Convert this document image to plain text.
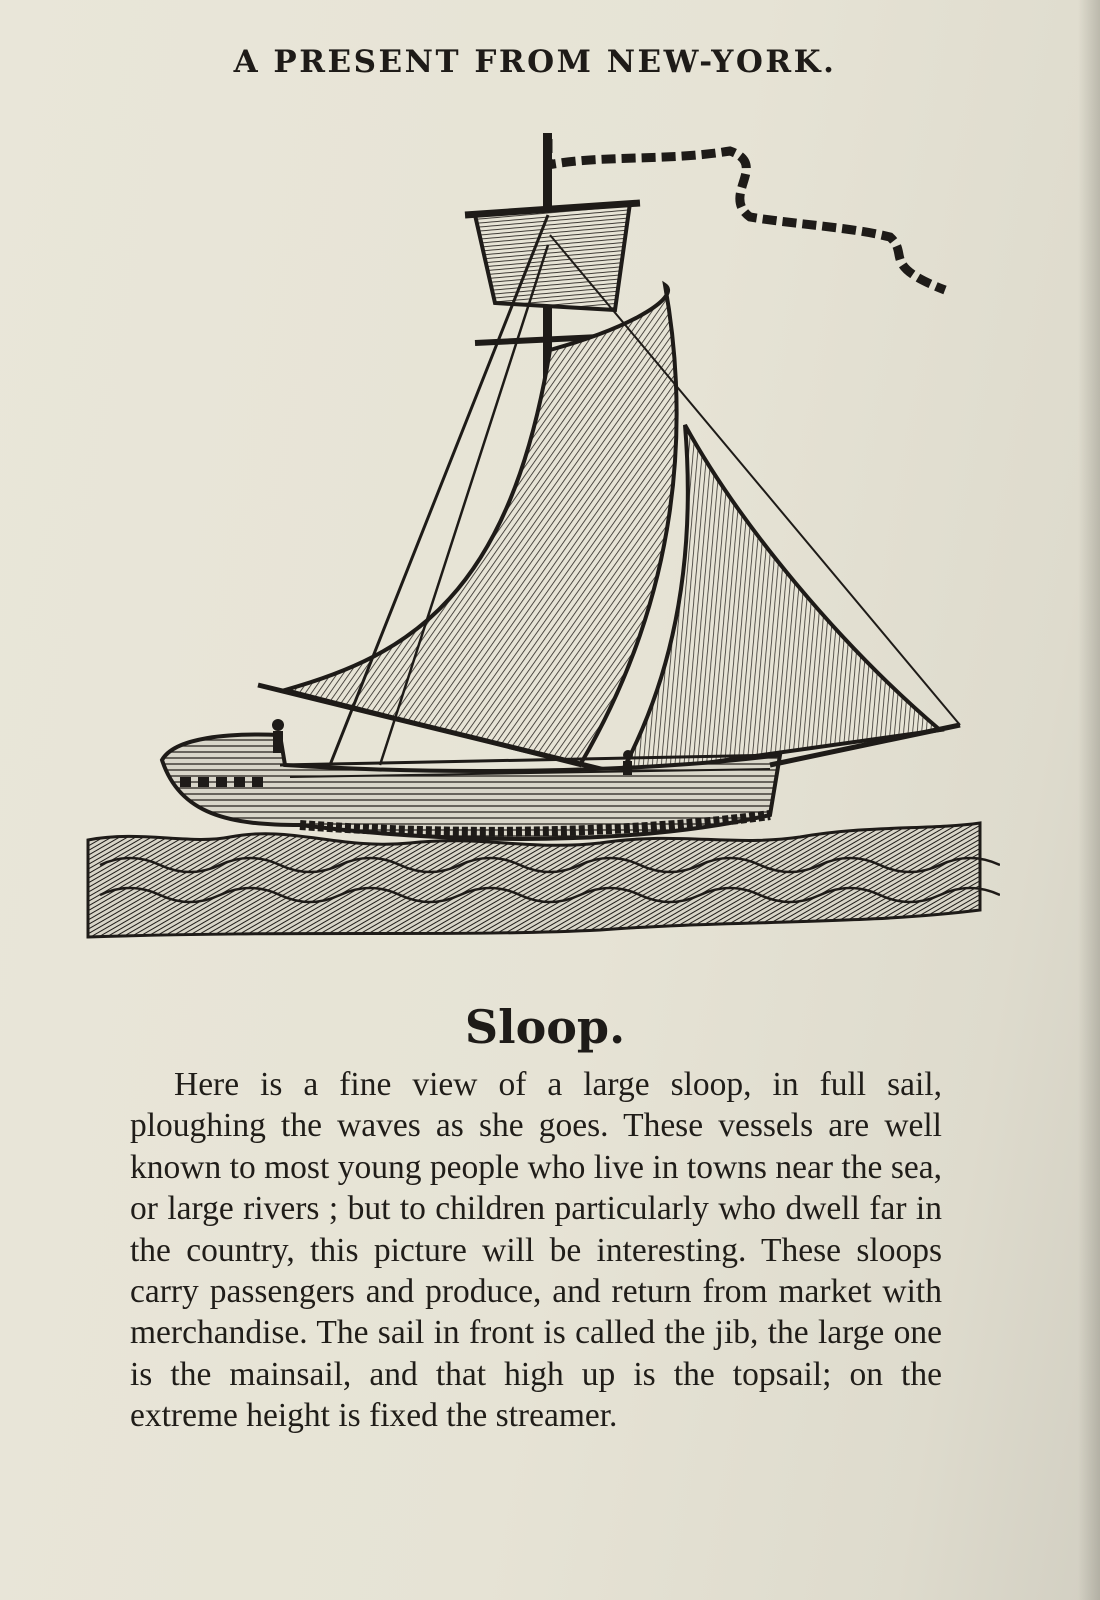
A PRESENT FROM NEW-YORK.
Sloop.

Here is a fine view of a large sloop, in full sail, ploughing the waves as she goes. These vessels are well known to most young people who live in towns near the sea, or large rivers ; but to children particularly who dwell far in the country, this picture will be interesting. These sloops carry passengers and produce, and return from market with merchandise. The sail in front is called the jib, the large one is the mainsail, and that high up is the topsail; on the extreme height is fixed the streamer.
